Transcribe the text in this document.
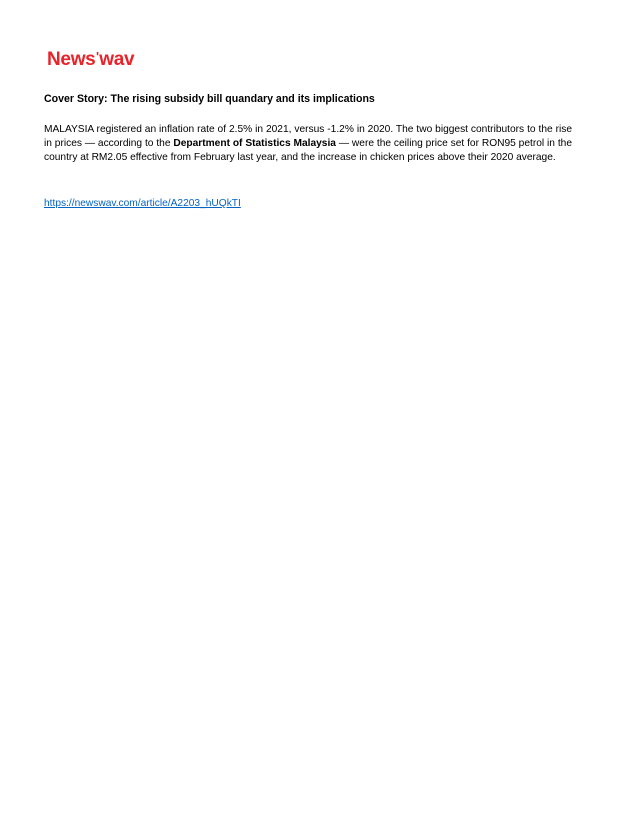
News'wav
Cover Story: The rising subsidy bill quandary and its implications

MALAYSIA registered an inflation rate of 2.5% in 2021, versus -1.2% in 2020. The two biggest contributors to the rise in prices — according to the Department of Statistics Malaysia — were the ceiling price set for RON95 petrol in the country at RM2.05 effective from February last year, and the increase in chicken prices above their 2020 average.

https://newswav.com/article/A2203_hUQkTI
